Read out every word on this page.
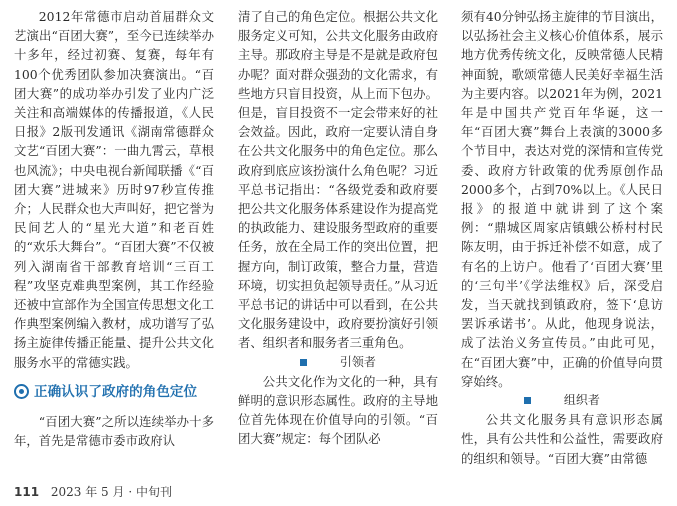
2012年常德市启动首届群众文艺演出“百团大赛”，至今已连续举办十多年，经过初赛、复赛，每年有100个优秀团队参加决赛演出。“百团大赛”的成功举办引发了业内广泛关注和高端媒体的传播报道，《人民日报》2版刊发通讯《湖南常德群众文艺“百团大赛”：一曲九霄云，草根也风流》；中央电视台新闻联播《“百团大赛”进城来》历时97秒宣传推介；人民群众也大声叫好，把它誉为民间艺人的“星光大道”和老百姓的“欢乐大舞台”。“百团大赛”不仅被列入湖南省干部教育培训“三百工程”攻坚克难典型案例，其工作经验还被中宣部作为全国宣传思想文化工作典型案例编入教材，成功谱写了弘扬主旋律传播正能量、提升公共文化服务水平的常德实践。

正确认识了政府的角色定位

“百团大赛”之所以连续举办十多年，首先是常德市委市政府认

清了自己的角色定位。根据公共文化服务定义可知，公共文化服务由政府主导。那政府主导是不是就是政府包办呢？面对群众强劲的文化需求，有些地方只盲目投资，从上而下包办。但是，盲目投资不一定会带来好的社会效益。因此，政府一定要认清自身在公共文化服务中的角色定位。那么政府到底应该扮演什么角色呢？习近平总书记指出：“各级党委和政府要把公共文化服务体系建设作为提高党的执政能力、建设服务型政府的重要任务，放在全局工作的突出位置，把握方向，制订政策，整合力量，营造环境，切实担负起领导责任。”从习近平总书记的讲话中可以看到，在公共文化服务建设中，政府要扮演好引领者、组织者和服务者三重角色。

引领者

公共文化作为文化的一种，具有鲜明的意识形态属性。政府的主导地位首先体现在价值导向的引领。“百团大赛”规定：每个团队必

须有40分钟弘扬主旋律的节目演出，以弘扬社会主义核心价值体系，展示地方优秀传统文化，反映常德人民精神面貌，歌颂常德人民美好幸福生活为主要内容。以2021年为例，2021年是中国共产党百年华诞，这一年“百团大赛”舞台上表演的3000多个节目中，表达对党的深情和宣传党委、政府方针政策的优秀原创作品2000多个，占到70%以上。《人民日报》的报道中就讲到了这个案例：“鼎城区周家店镇蛾公桥村村民陈友明，由于拆迁补偿不如意，成了有名的上访户。他看了‘百团大赛’里的‘三句半’《学法维权》后，深受启发，当天就找到镇政府，签下‘息访罢诉承诺书’。从此，他现身说法，成了法治义务宣传员。”由此可见，在“百团大赛”中，正确的价值导向贯穿始终。

组织者

公共文化服务具有意识形态属性，具有公共性和公益性，需要政府的组织和领导。“百团大赛”由常德

111 2023 年 5 月 · 中旬刊
